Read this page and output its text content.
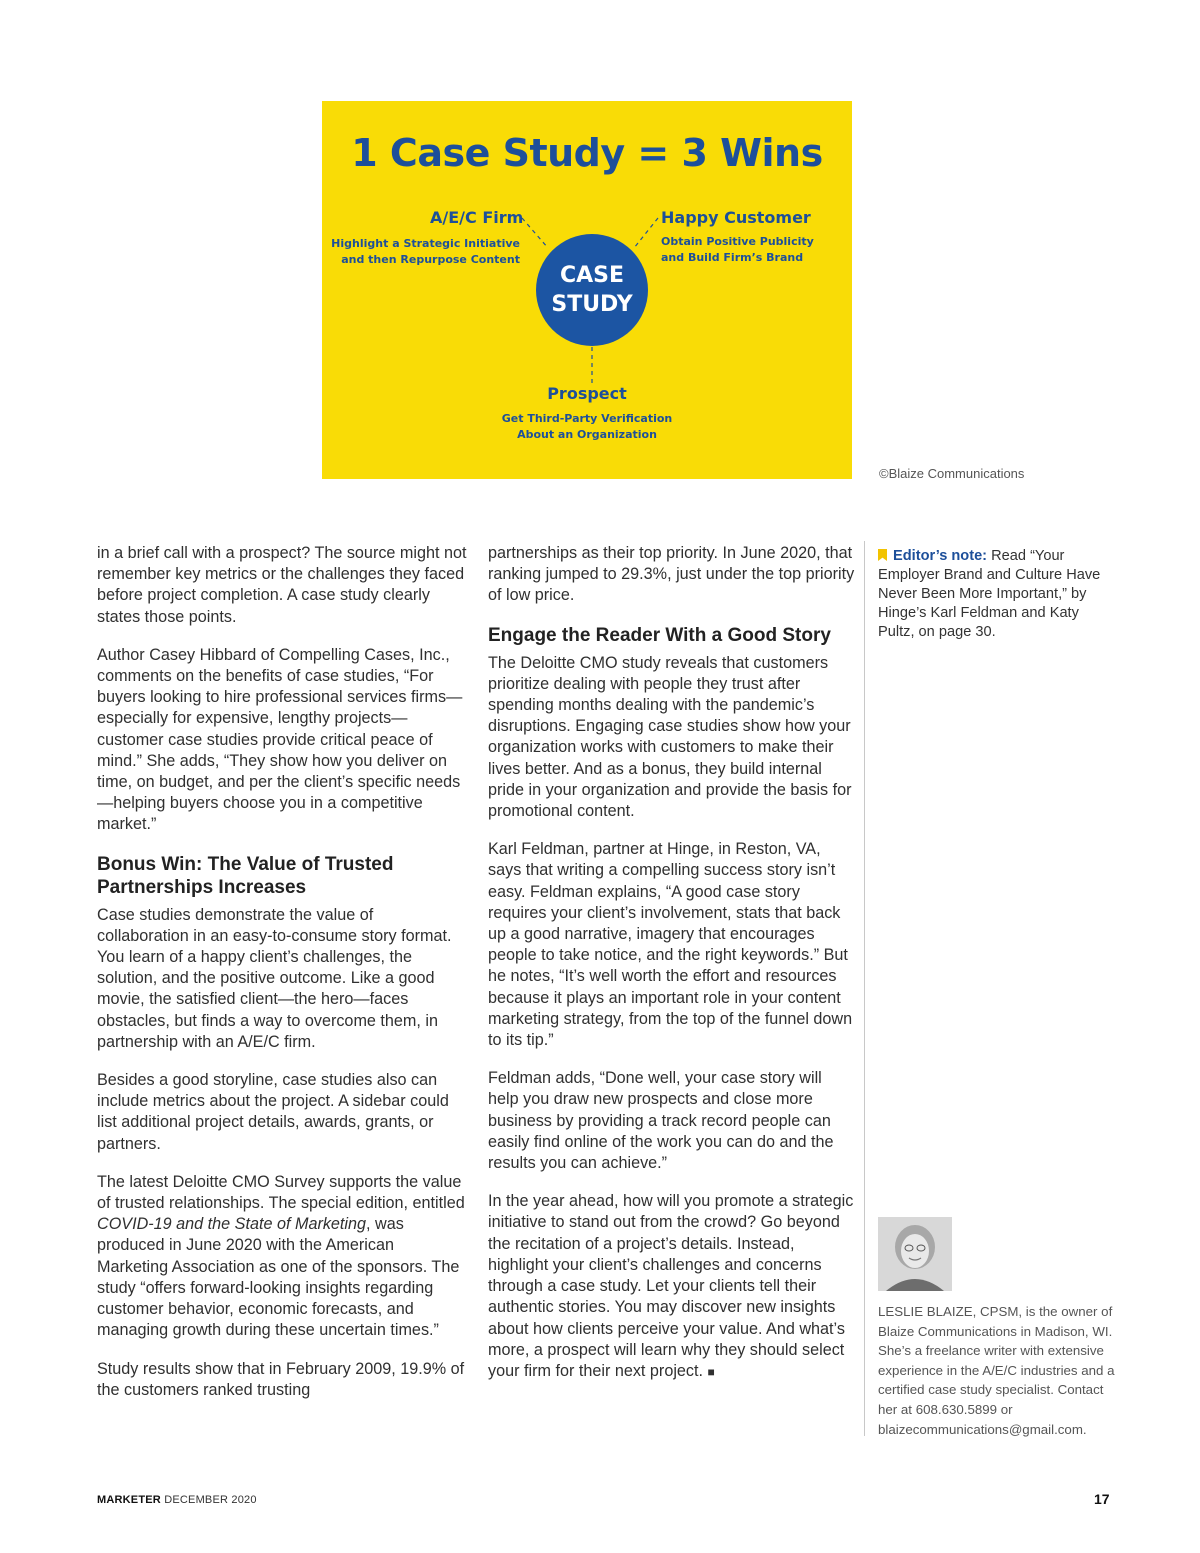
1 Case Study = 3 Wins
A/E/C Firm
Highlight a Strategic Initiative
and then Repurpose Content
Happy Customer
Obtain Positive Publicity
and Build Firm’s Brand
CASE
STUDY
Prospect
Get Third-Party Verification
About an Organization
©Blaize Communications

in a brief call with a prospect? The source might not remember key metrics or the challenges they faced before project completion. A case study clearly states those points.

Author Casey Hibbard of Compelling Cases, Inc., comments on the benefits of case studies, “For buyers looking to hire professional services firms—especially for expensive, lengthy projects—customer case studies provide critical peace of mind.” She adds, “They show how you deliver on time, on budget, and per the client’s specific needs—helping buyers choose you in a competitive market.”

Bonus Win: The Value of Trusted Partnerships Increases

Case studies demonstrate the value of collaboration in an easy-to-consume story format. You learn of a happy client’s challenges, the solution, and the positive outcome. Like a good movie, the satisfied client—the hero—faces obstacles, but finds a way to overcome them, in partnership with an A/E/C firm.

Besides a good storyline, case studies also can include metrics about the project. A sidebar could list additional project details, awards, grants, or partners.

The latest Deloitte CMO Survey supports the value of trusted relationships. The special edition, entitled COVID-19 and the State of Marketing, was produced in June 2020 with the American Marketing Association as one of the sponsors. The study “offers forward-looking insights regarding customer behavior, economic forecasts, and managing growth during these uncertain times.”

Study results show that in February 2009, 19.9% of the customers ranked trusting

partnerships as their top priority. In June 2020, that ranking jumped to 29.3%, just under the top priority of low price.

Engage the Reader With a Good Story

The Deloitte CMO study reveals that customers prioritize dealing with people they trust after spending months dealing with the pandemic’s disruptions. Engaging case studies show how your organization works with customers to make their lives better. And as a bonus, they build internal pride in your organization and provide the basis for promotional content.

Karl Feldman, partner at Hinge, in Reston, VA, says that writing a compelling success story isn’t easy. Feldman explains, “A good case story requires your client’s involvement, stats that back up a good narrative, imagery that encourages people to take notice, and the right keywords.” But he notes, “It’s well worth the effort and resources because it plays an important role in your content marketing strategy, from the top of the funnel down to its tip.”

Feldman adds, “Done well, your case story will help you draw new prospects and close more business by providing a track record people can easily find online of the work you can do and the results you can achieve.”

In the year ahead, how will you promote a strategic initiative to stand out from the crowd? Go beyond the recitation of a project’s details. Instead, highlight your client’s challenges and concerns through a case study. Let your clients tell their authentic stories. You may discover new insights about how clients perceive your value. And what’s more, a prospect will learn why they should select your firm for their next project. ■

Editor’s note: Read “Your Employer Brand and Culture Have Never Been More Important,” by Hinge’s Karl Feldman and Katy Pultz, on page 30.
LESLIE BLAIZE, CPSM, is the owner of Blaize Communications in Madison, WI. She’s a freelance writer with extensive experience in the A/E/C industries and a certified case study specialist. Contact her at 608.630.5899 or blaizecommunications@gmail.com.
MARKETER DECEMBER 2020	17
